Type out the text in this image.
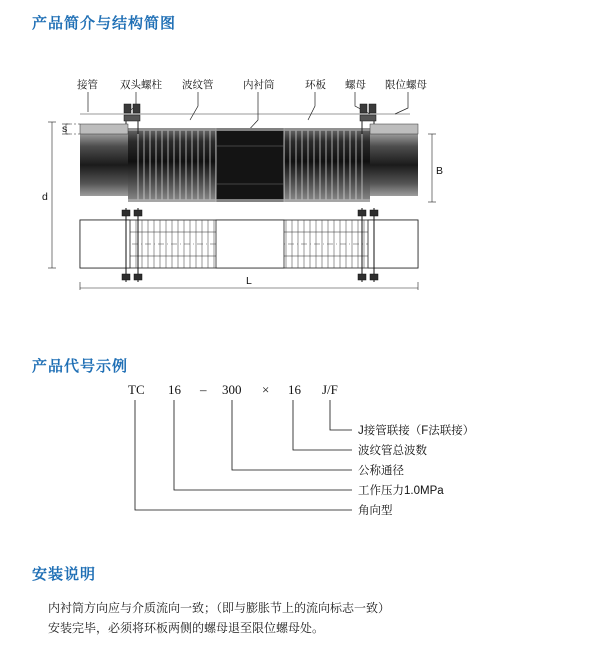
产品简介与结构简图
接管 双头螺柱 波纹管	内衬筒	环板 螺母 限位螺母
s
d
B
L
产品代号示例
TC 16 – 300 × 16 J/F
J接管联接（F法联接）
波纹管总波数
公称通径
工作压力1.0MPa
角向型
安装说明
内衬筒方向应与介质流向一致；（即与膨胀节上的流向标志一致）
安装完毕，必须将环板两侧的螺母退至限位螺母处。
